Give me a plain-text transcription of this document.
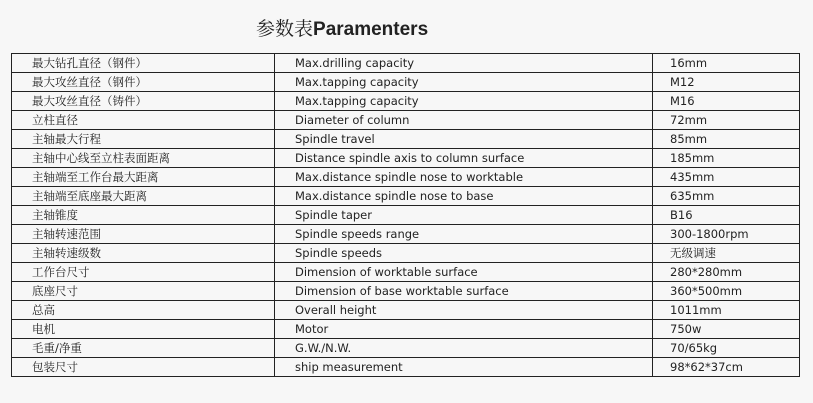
参数表Paramenters
最大钻孔直径（钢件）	Max.drilling capacity	16mm
最大攻丝直径（钢件）	Max.tapping capacity	M12
最大攻丝直径（铸件）	Max.tapping capacity	M16
立柱直径	Diameter of column	72mm
主轴最大行程	Spindle travel	85mm
主轴中心线至立柱表面距离	Distance spindle axis to column surface	185mm
主轴端至工作台最大距离	Max.distance spindle nose to worktable	435mm
主轴端至底座最大距离	Max.distance spindle nose to base	635mm
主轴锥度	Spindle taper	B16
主轴转速范围	Spindle speeds range	300-1800rpm
主轴转速级数	Spindle speeds	无级调速
工作台尺寸	Dimension of worktable surface	280*280mm
底座尺寸	Dimension of base worktable surface	360*500mm
总高	Overall height	1011mm
电机	Motor	750w
毛重/净重	G.W./N.W.	70/65kg
包装尺寸	ship measurement	98*62*37cm
